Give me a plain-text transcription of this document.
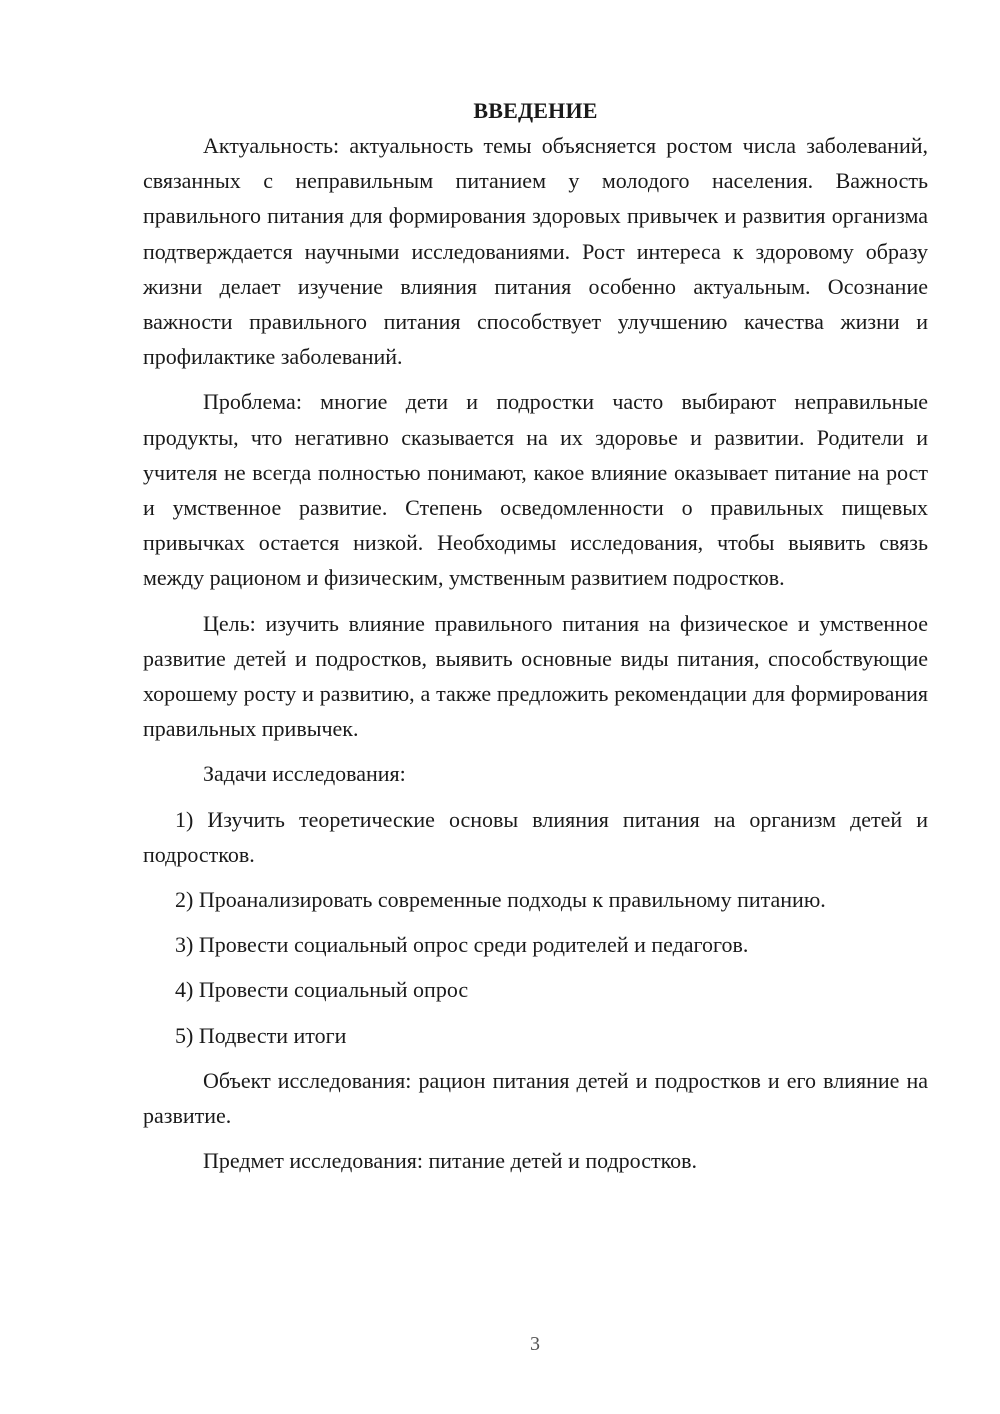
ВВЕДЕНИЕ

Актуальность: актуальность темы объясняется ростом числа заболеваний, связанных с неправильным питанием у молодого населения. Важность правильного питания для формирования здоровых привычек и развития организма подтверждается научными исследованиями. Рост интереса к здоровому образу жизни делает изучение влияния питания особенно актуальным. Осознание важности правильного питания способствует улучшению качества жизни и профилактике заболеваний.

Проблема: многие дети и подростки часто выбирают неправильные продукты, что негативно сказывается на их здоровье и развитии. Родители и учителя не всегда полностью понимают, какое влияние оказывает питание на рост и умственное развитие. Степень осведомленности о правильных пищевых привычках остается низкой. Необходимы исследования, чтобы выявить связь между рационом и физическим, умственным развитием подростков.

Цель: изучить влияние правильного питания на физическое и умственное развитие детей и подростков, выявить основные виды питания, способствующие хорошему росту и развитию, а также предложить рекомендации для формирования правильных привычек.

Задачи исследования:

1) Изучить теоретические основы влияния питания на организм детей и подростков.

2) Проанализировать современные подходы к правильному питанию.

3) Провести социальный опрос среди родителей и педагогов.

4) Провести социальный опрос

5) Подвести итоги

Объект исследования: рацион питания детей и подростков и его влияние на развитие.

Предмет исследования: питание детей и подростков.

3
